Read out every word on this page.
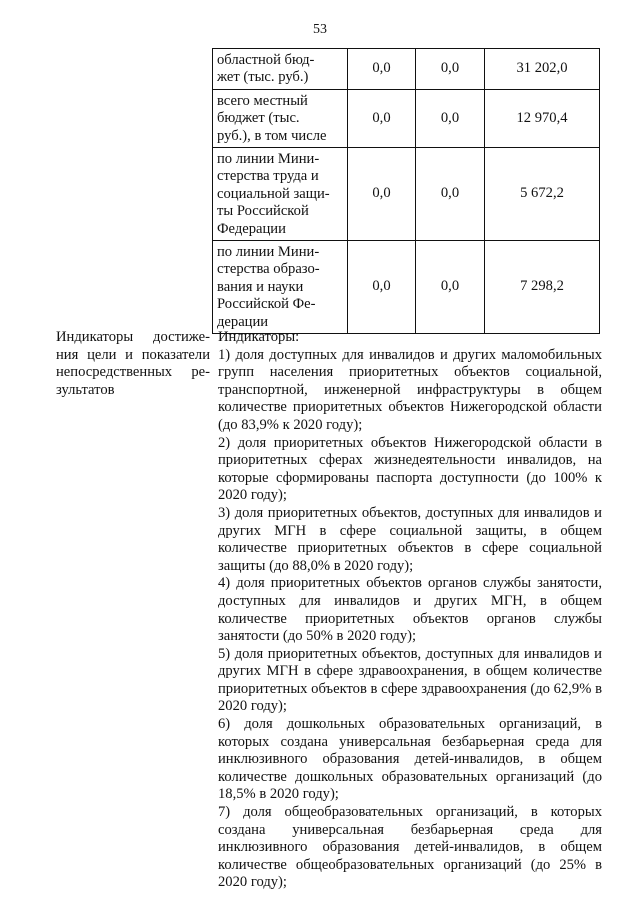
53
областной бюд-
жет (тыс. руб.)	0,0	0,0	31 202,0

всего местный
бюджет (тыс.
руб.), в том числе	0,0	0,0	12 970,4

по линии Мини-
стерства труда и
социальной защи-
ты Российской
Федерации	0,0	0,0	5 672,2

по линии Мини-
стерства образо-
вания и науки
Российской Фе-
дерации	0,0	0,0	7 298,2
Индикаторы достиже-
ния цели и показатели
непосредственных ре-
зультатов

Индикаторы:

1) доля доступных для инвалидов и других маломобильных групп населения приоритетных объектов социальной, транспортной, инженерной инфраструктуры в общем количестве приоритетных объектов Нижегородской области (до 83,9% к 2020 году);

2) доля приоритетных объектов Нижегородской области в приоритетных сферах жизнедеятельности инвалидов, на которые сформированы паспорта доступности (до 100% к 2020 году);

3) доля приоритетных объектов, доступных для инвалидов и других МГН в сфере социальной защиты, в общем количестве приоритетных объектов в сфере социальной защиты (до 88,0% в 2020 году);

4) доля приоритетных объектов органов службы занятости, доступных для инвалидов и других МГН, в общем количестве приоритетных объектов органов службы занятости (до 50% в 2020 году);

5) доля приоритетных объектов, доступных для инвалидов и других МГН в сфере здравоохранения, в общем количестве приоритетных объектов в сфере здравоохранения (до 62,9% в 2020 году);

6) доля дошкольных образовательных организаций, в которых создана универсальная безбарьерная среда для инклюзивного образования детей-инвалидов, в общем количестве дошкольных образовательных организаций (до 18,5% в 2020 году);

7) доля общеобразовательных организаций, в которых создана универсальная безбарьерная среда для инклюзивного образования детей-инвалидов, в общем количестве общеобразовательных организаций (до 25% в 2020 году);
